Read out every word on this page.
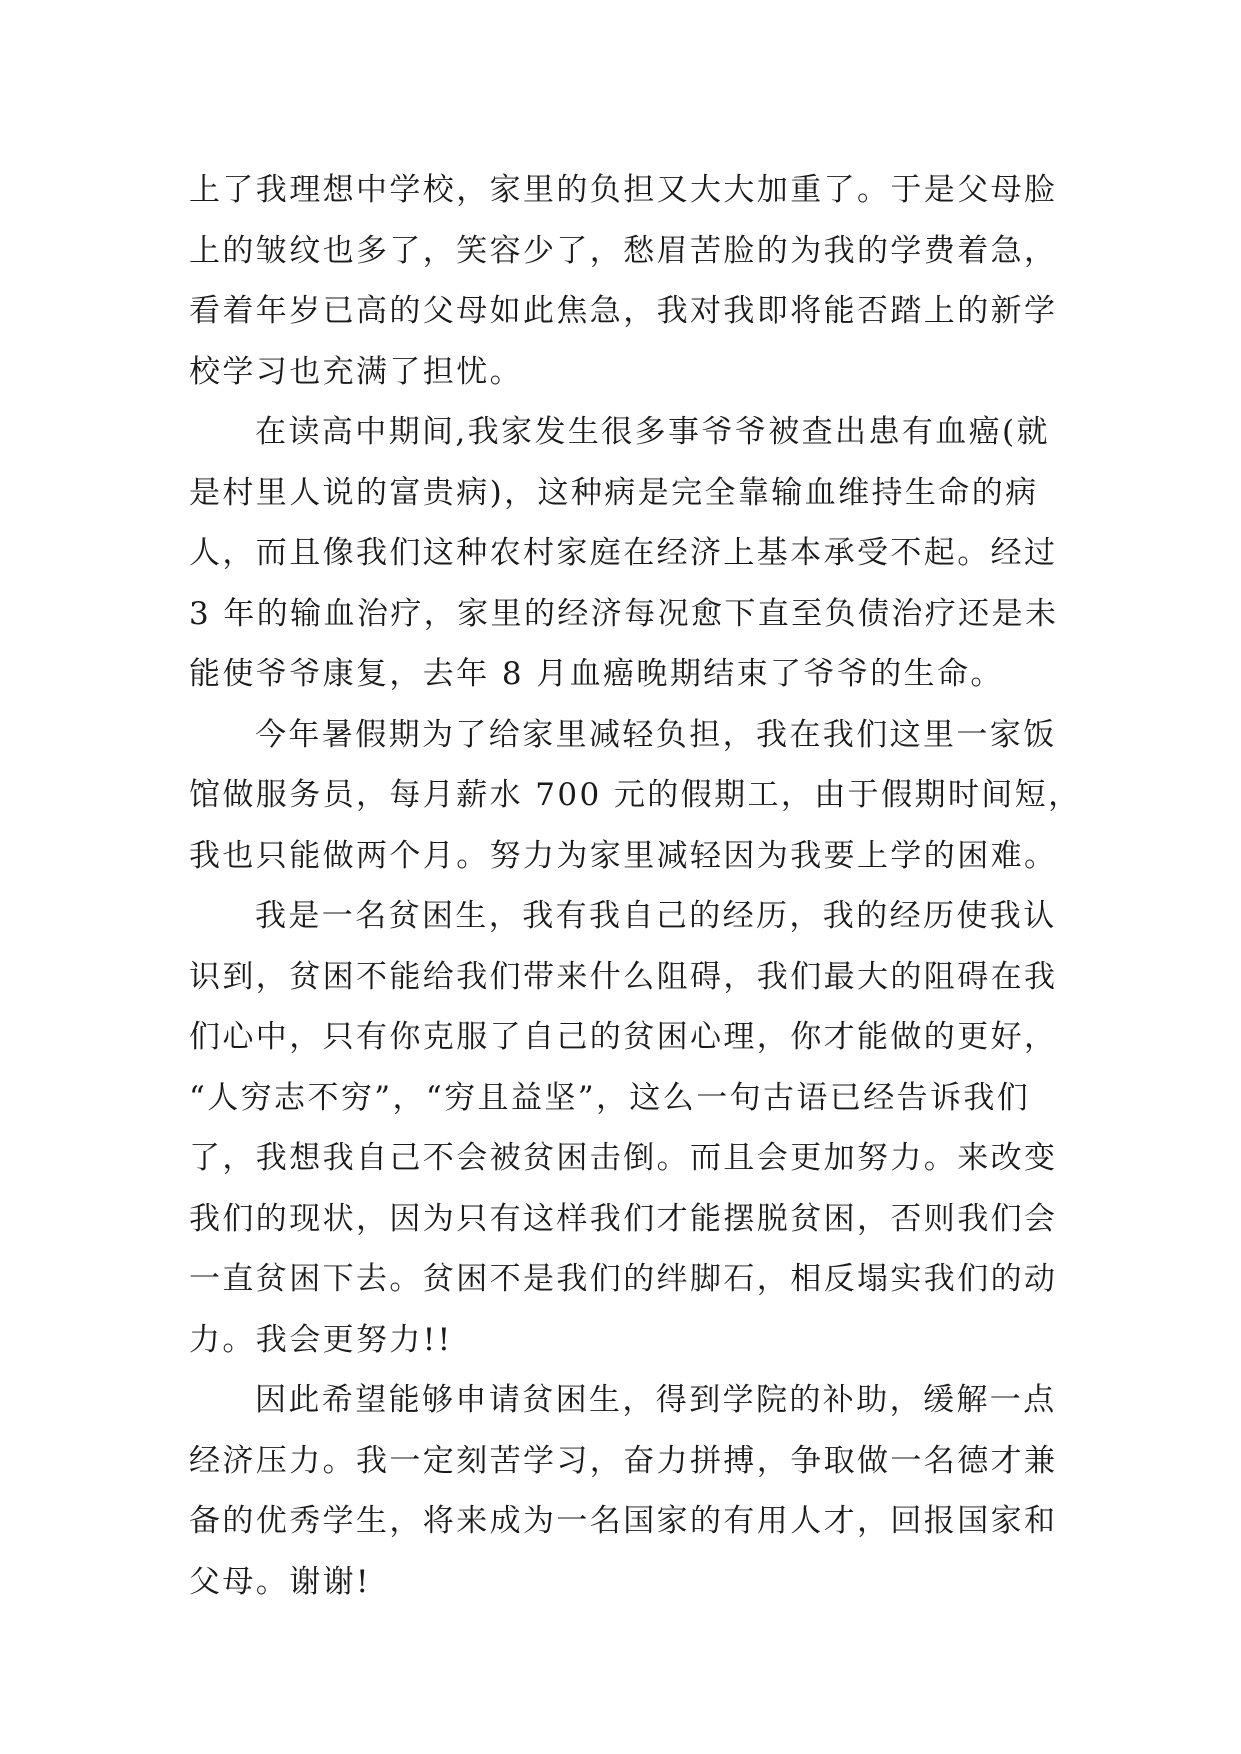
上了我理想中学校，家里的负担又大大加重了。于是父母脸
上的皱纹也多了，笑容少了，愁眉苦脸的为我的学费着急，
看着年岁已高的父母如此焦急，我对我即将能否踏上的新学
校学习也充满了担忧。
在读高中期间,我家发生很多事爷爷被查出患有血癌(就
是村里人说的富贵病)，这种病是完全靠输血维持生命的病
人，而且像我们这种农村家庭在经济上基本承受不起。经过
3 年的输血治疗，家里的经济每况愈下直至负债治疗还是未
能使爷爷康复，去年 8 月血癌晚期结束了爷爷的生命。
今年暑假期为了给家里减轻负担，我在我们这里一家饭
馆做服务员，每月薪水 700 元的假期工，由于假期时间短，
我也只能做两个月。努力为家里减轻因为我要上学的困难。
我是一名贫困生，我有我自己的经历，我的经历使我认
识到，贫困不能给我们带来什么阻碍，我们最大的阻碍在我
们心中，只有你克服了自己的贫困心理，你才能做的更好，
“人穷志不穷”，“穷且益坚”，这么一句古语已经告诉我们
了，我想我自己不会被贫困击倒。而且会更加努力。来改变
我们的现状，因为只有这样我们才能摆脱贫困，否则我们会
一直贫困下去。贫困不是我们的绊脚石，相反塌实我们的动
力。我会更努力!!
因此希望能够申请贫困生，得到学院的补助，缓解一点
经济压力。我一定刻苦学习，奋力拼搏，争取做一名德才兼
备的优秀学生，将来成为一名国家的有用人才，回报国家和
父母。谢谢!
